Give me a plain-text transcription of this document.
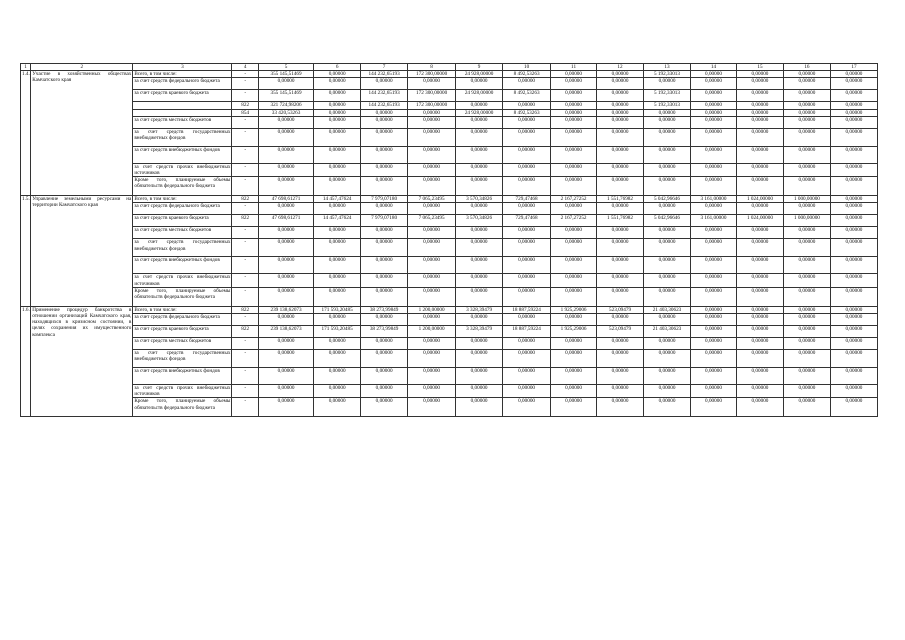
1	2	3	4	5	6	7	8	9	10	11	12	13	14	15	16	17
1.4.	Участие в хозяйственных обществах Камчатского края	Всего, в том числе:	-	355 145,51469	0,00000	144 232,65193	172 300,00000	24 928,00000	8 492,53263	0,00000	0,00000	5 192,33013	0,00000	0,00000	0,00000	0,00000
		за счет средств федерального бюджета	-	0,00000	0,00000	0,00000	0,00000	0,00000	0,00000	0,00000	0,00000	0,00000	0,00000	0,00000	0,00000	0,00000
		за счет средств краевого бюджета	-	355 145,51469	0,00000	144 232,65193	172 300,00000	24 928,00000	8 492,53263	0,00000	0,00000	5 192,33013	0,00000	0,00000	0,00000	0,00000
			822	321 724,98206	0,00000	144 232,65193	172 300,00000	0,00000	0,00000	0,00000	0,00000	5 192,33013	0,00000	0,00000	0,00000	0,00000
			854	33 420,53263	0,00000	0,00000	0,00000	24 928,00000	8 492,53263	0,00000	0,00000	0,00000	0,00000	0,00000	0,00000	0,00000
		за счет средств местных бюджетов	-	0,00000	0,00000	0,00000	0,00000	0,00000	0,00000	0,00000	0,00000	0,00000	0,00000	0,00000	0,00000	0,00000
		за счет средств государственных внебюджетных фондов	-	0,00000	0,00000	0,00000	0,00000	0,00000	0,00000	0,00000	0,00000	0,00000	0,00000	0,00000	0,00000	0,00000
		за счет средств внебюджетных фондов	-	0,00000	0,00000	0,00000	0,00000	0,00000	0,00000	0,00000	0,00000	0,00000	0,00000	0,00000	0,00000	0,00000
		за счет средств прочих внебюджетных источников	-	0,00000	0,00000	0,00000	0,00000	0,00000	0,00000	0,00000	0,00000	0,00000	0,00000	0,00000	0,00000	0,00000
		Кроме того, планируемые объемы обязательств федерального бюджета	-	0,00000	0,00000	0,00000	0,00000	0,00000	0,00000	0,00000	0,00000	0,00000	0,00000	0,00000	0,00000	0,00000
1.5.	Управление земельными ресурсами на территории Камчатского края	Всего, в том числе:	822	47 698,61271	14 457,47624	7 979,07180	7 065,23495	3 570,34826	729,47468	2 167,27252	1 551,76982	5 042,96646	3 161,00000	1 024,00000	1 000,00000	0,00000
		за счет средств федерального бюджета	-	0,00000	0,00000	0,00000	0,00000	0,00000	0,00000	0,00000	0,00000	0,00000	0,00000	0,00000	0,00000	0,00000
		за счет средств краевого бюджета	822	47 698,61271	14 457,47624	7 979,07180	7 065,23495	3 570,34826	729,47468	2 167,27252	1 551,76982	5 042,96646	3 161,00000	1 024,00000	1 000,00000	0,00000
		за счет средств местных бюджетов	-	0,00000	0,00000	0,00000	0,00000	0,00000	0,00000	0,00000	0,00000	0,00000	0,00000	0,00000	0,00000	0,00000
		за счет средств государственных внебюджетных фондов	-	0,00000	0,00000	0,00000	0,00000	0,00000	0,00000	0,00000	0,00000	0,00000	0,00000	0,00000	0,00000	0,00000
		за счет средств внебюджетных фондов	-	0,00000	0,00000	0,00000	0,00000	0,00000	0,00000	0,00000	0,00000	0,00000	0,00000	0,00000	0,00000	0,00000
		за счет средств прочих внебюджетных источников	-	0,00000	0,00000	0,00000	0,00000	0,00000	0,00000	0,00000	0,00000	0,00000	0,00000	0,00000	0,00000	0,00000
		Кроме того, планируемые объемы обязательств федерального бюджета	-	0,00000	0,00000	0,00000	0,00000	0,00000	0,00000	0,00000	0,00000	0,00000	0,00000	0,00000	0,00000	0,00000
1.6.	Применение процедур банкротства в отношении организаций Камчатского края, находящихся в кризисном состоянии, в целях сохранения их имущественного комплекса	Всего, в том числе:	822	239 138,62073	171 593,20485	38 273,99849	1 200,00000	3 328,39479	18 887,59224	1 925,29006	523,09479	21 403,30623	0,00000	0,00000	0,00000	0,00000
		за счет средств федерального бюджета	-	0,00000	0,00000	0,00000	0,00000	0,00000	0,00000	0,00000	0,00000	0,00000	0,00000	0,00000	0,00000	0,00000
		за счет средств краевого бюджета	822	239 138,62073	171 593,20485	38 273,99849	1 200,00000	3 328,39479	18 887,59224	1 925,29006	523,09479	21 403,30623	0,00000	0,00000	0,00000	0,00000
		за счет средств местных бюджетов	-	0,00000	0,00000	0,00000	0,00000	0,00000	0,00000	0,00000	0,00000	0,00000	0,00000	0,00000	0,00000	0,00000
		за счет средств государственных внебюджетных фондов	-	0,00000	0,00000	0,00000	0,00000	0,00000	0,00000	0,00000	0,00000	0,00000	0,00000	0,00000	0,00000	0,00000
		за счет средств внебюджетных фондов	-	0,00000	0,00000	0,00000	0,00000	0,00000	0,00000	0,00000	0,00000	0,00000	0,00000	0,00000	0,00000	0,00000
		за счет средств прочих внебюджетных источников	-	0,00000	0,00000	0,00000	0,00000	0,00000	0,00000	0,00000	0,00000	0,00000	0,00000	0,00000	0,00000	0,00000
		Кроме того, планируемые объемы обязательств федерального бюджета	-	0,00000	0,00000	0,00000	0,00000	0,00000	0,00000	0,00000	0,00000	0,00000	0,00000	0,00000	0,00000	0,00000
